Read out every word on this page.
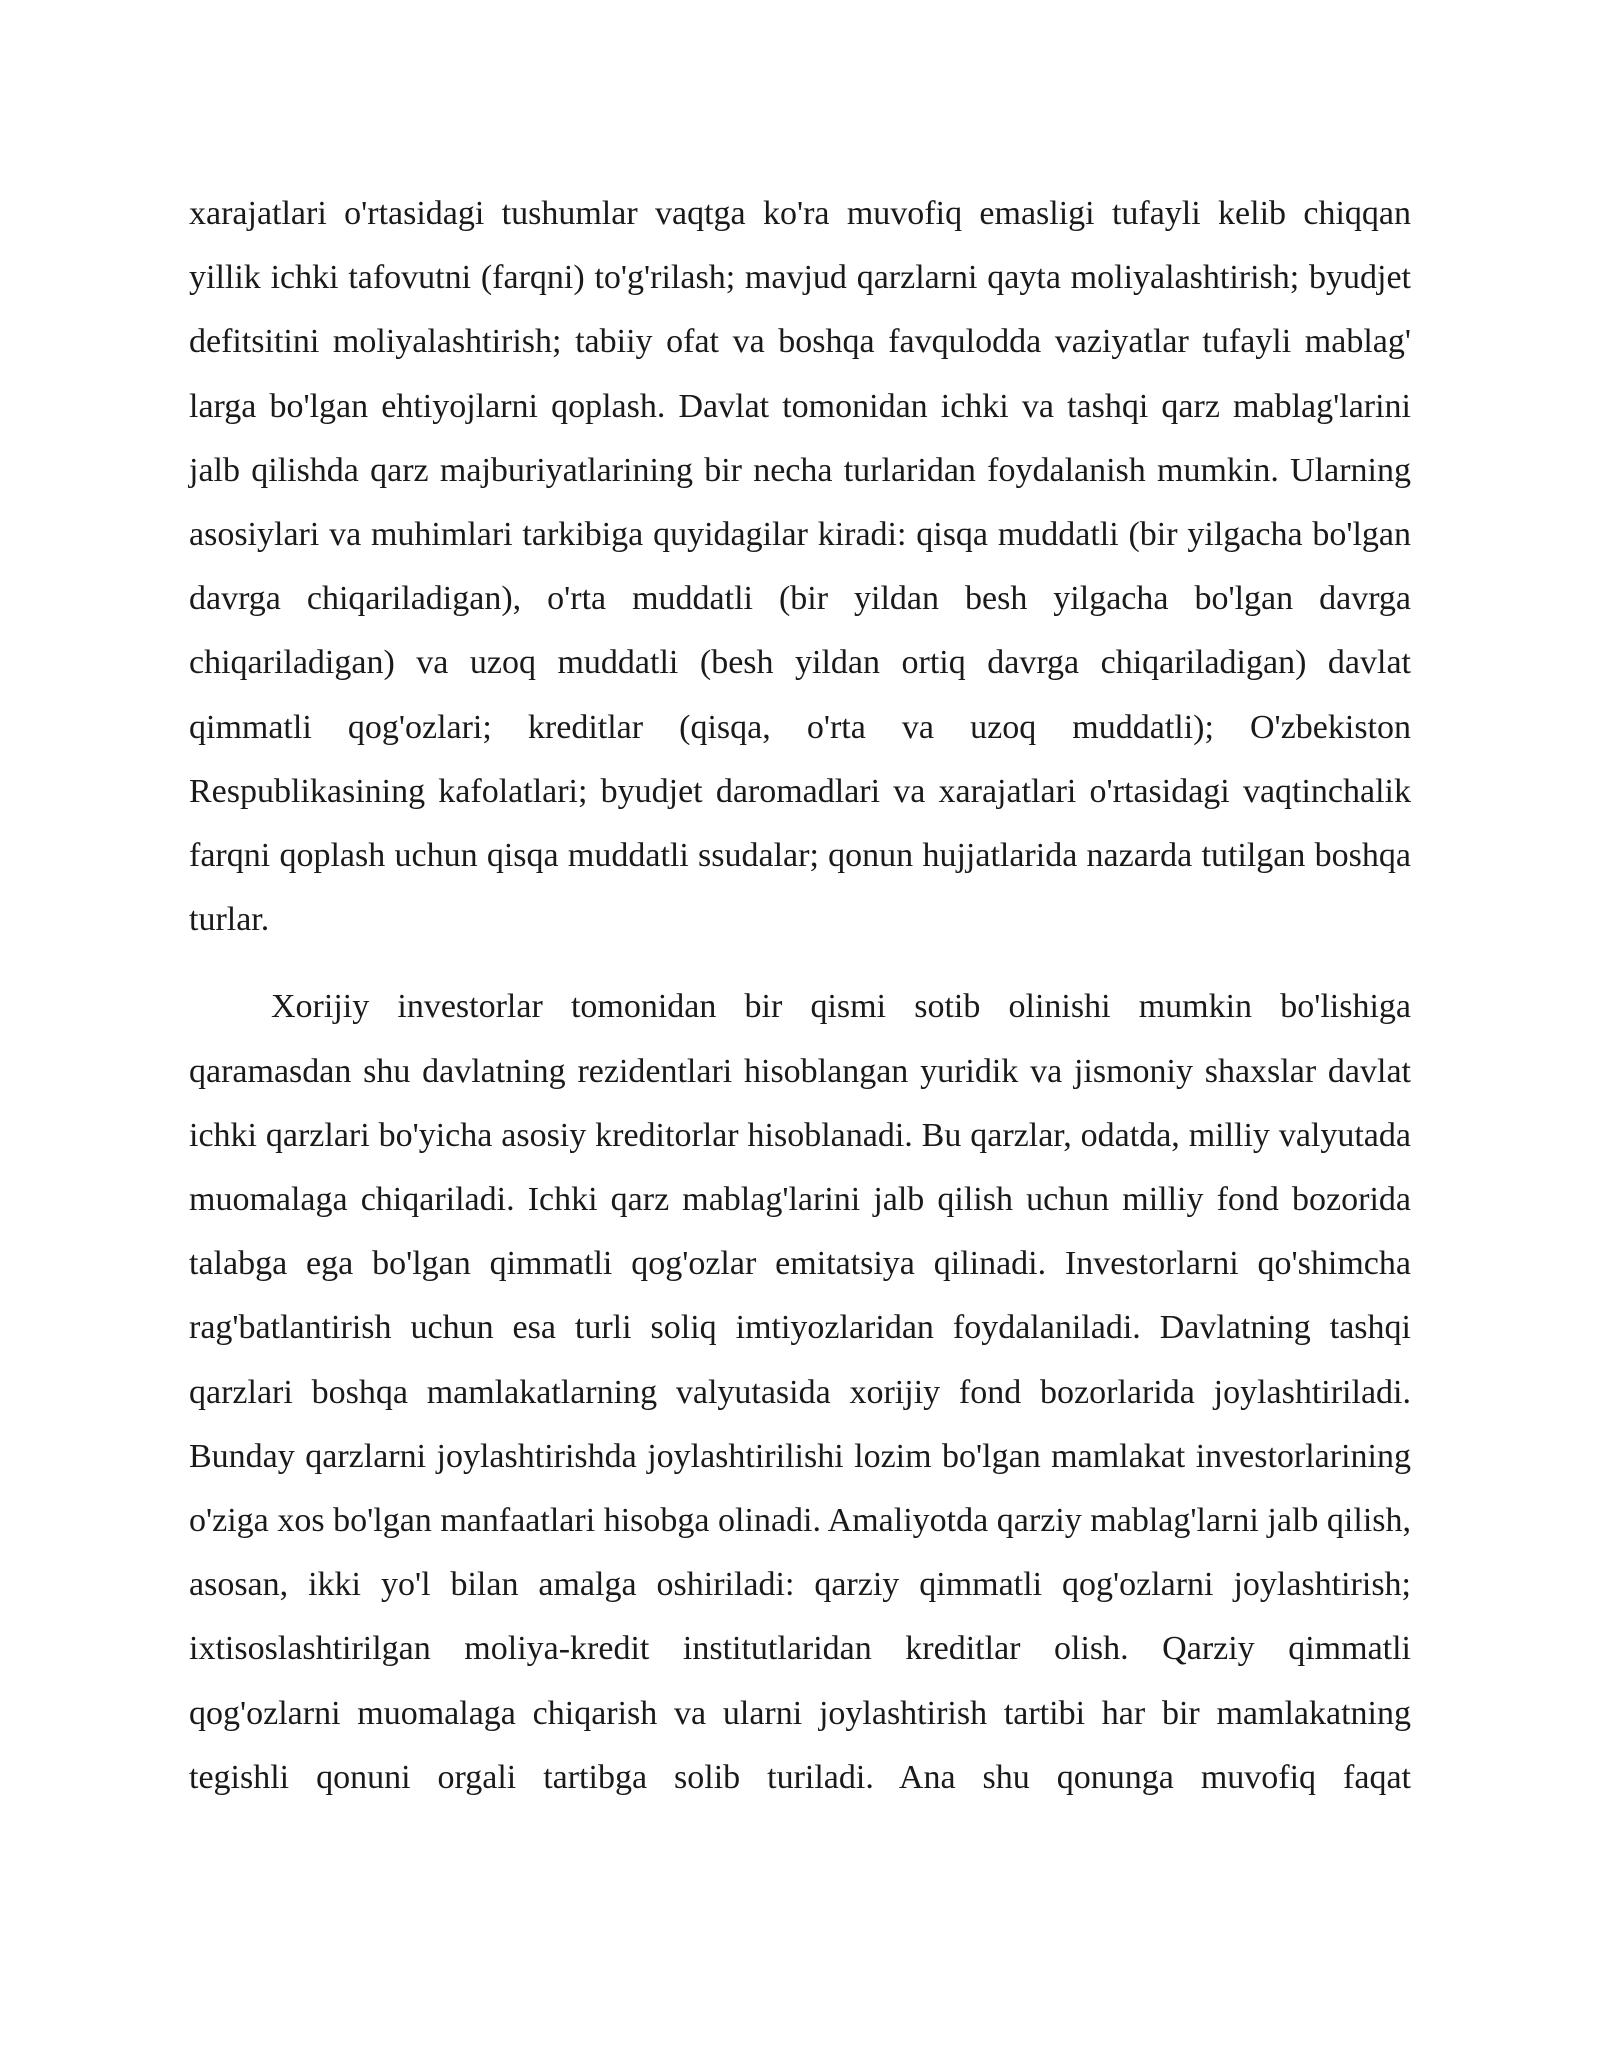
xarajatlari o'rtasidagi tushumlar vaqtga ko'ra muvofiq emasligi tufayli kelib chiqqan yillik ichki tafovutni (farqni) to'g'rilash; mavjud qarzlarni qayta moliyalashtirish; byudjet defitsitini moliyalashtirish; tabiiy ofat va boshqa favqulodda vaziyatlar tufayli mablag' larga bo'lgan ehtiyojlarni qoplash. Davlat tomonidan ichki va tashqi qarz mablag'larini jalb qilishda qarz majburiyatlarining bir necha turlaridan foydalanish mumkin. Ularning asosiylari va muhimlari tarkibiga quyidagilar kiradi: qisqa muddatli (bir yilgacha bo'lgan davrga chiqariladigan), o'rta muddatli (bir yildan besh yilgacha bo'lgan davrga chiqariladigan) va uzoq muddatli (besh yildan ortiq davrga chiqariladigan) davlat qimmatli qog'ozlari; kreditlar (qisqa, o'rta va uzoq muddatli); O'zbekiston Respublikasining kafolatlari; byudjet daromadlari va xarajatlari o'rtasidagi vaqtinchalik farqni qoplash uchun qisqa muddatli ssudalar; qonun hujjatlarida nazarda tutilgan boshqa turlar.

Xorijiy investorlar tomonidan bir qismi sotib olinishi mumkin bo'lishiga qaramasdan shu davlatning rezidentlari hisoblangan yuridik va jismoniy shaxslar davlat ichki qarzlari bo'yicha asosiy kreditorlar hisoblanadi. Bu qarzlar, odatda, milliy valyutada muomalaga chiqariladi. Ichki qarz mablag'larini jalb qilish uchun milliy fond bozorida talabga ega bo'lgan qimmatli qog'ozlar emitatsiya qilinadi. Investorlarni qo'shimcha rag'batlantirish uchun esa turli soliq imtiyozlaridan foydalaniladi. Davlatning tashqi qarzlari boshqa mamlakatlarning valyutasida xorijiy fond bozorlarida joylashtiriladi. Bunday qarzlarni joylashtirishda joylashtirilishi lozim bo'lgan mamlakat investorlarining o'ziga xos bo'lgan manfaatlari hisobga olinadi. Amaliyotda qarziy mablag'larni jalb qilish, asosan, ikki yo'l bilan amalga oshiriladi: qarziy qimmatli qog'ozlarni joylashtirish; ixtisoslashtirilgan moliya-kredit institutlaridan kreditlar olish. Qarziy qimmatli qog'ozlarni muomalaga chiqarish va ularni joylashtirish tartibi har bir mamlakatning tegishli qonuni orgali tartibga solib turiladi. Ana shu qonunga muvofiq faqat
